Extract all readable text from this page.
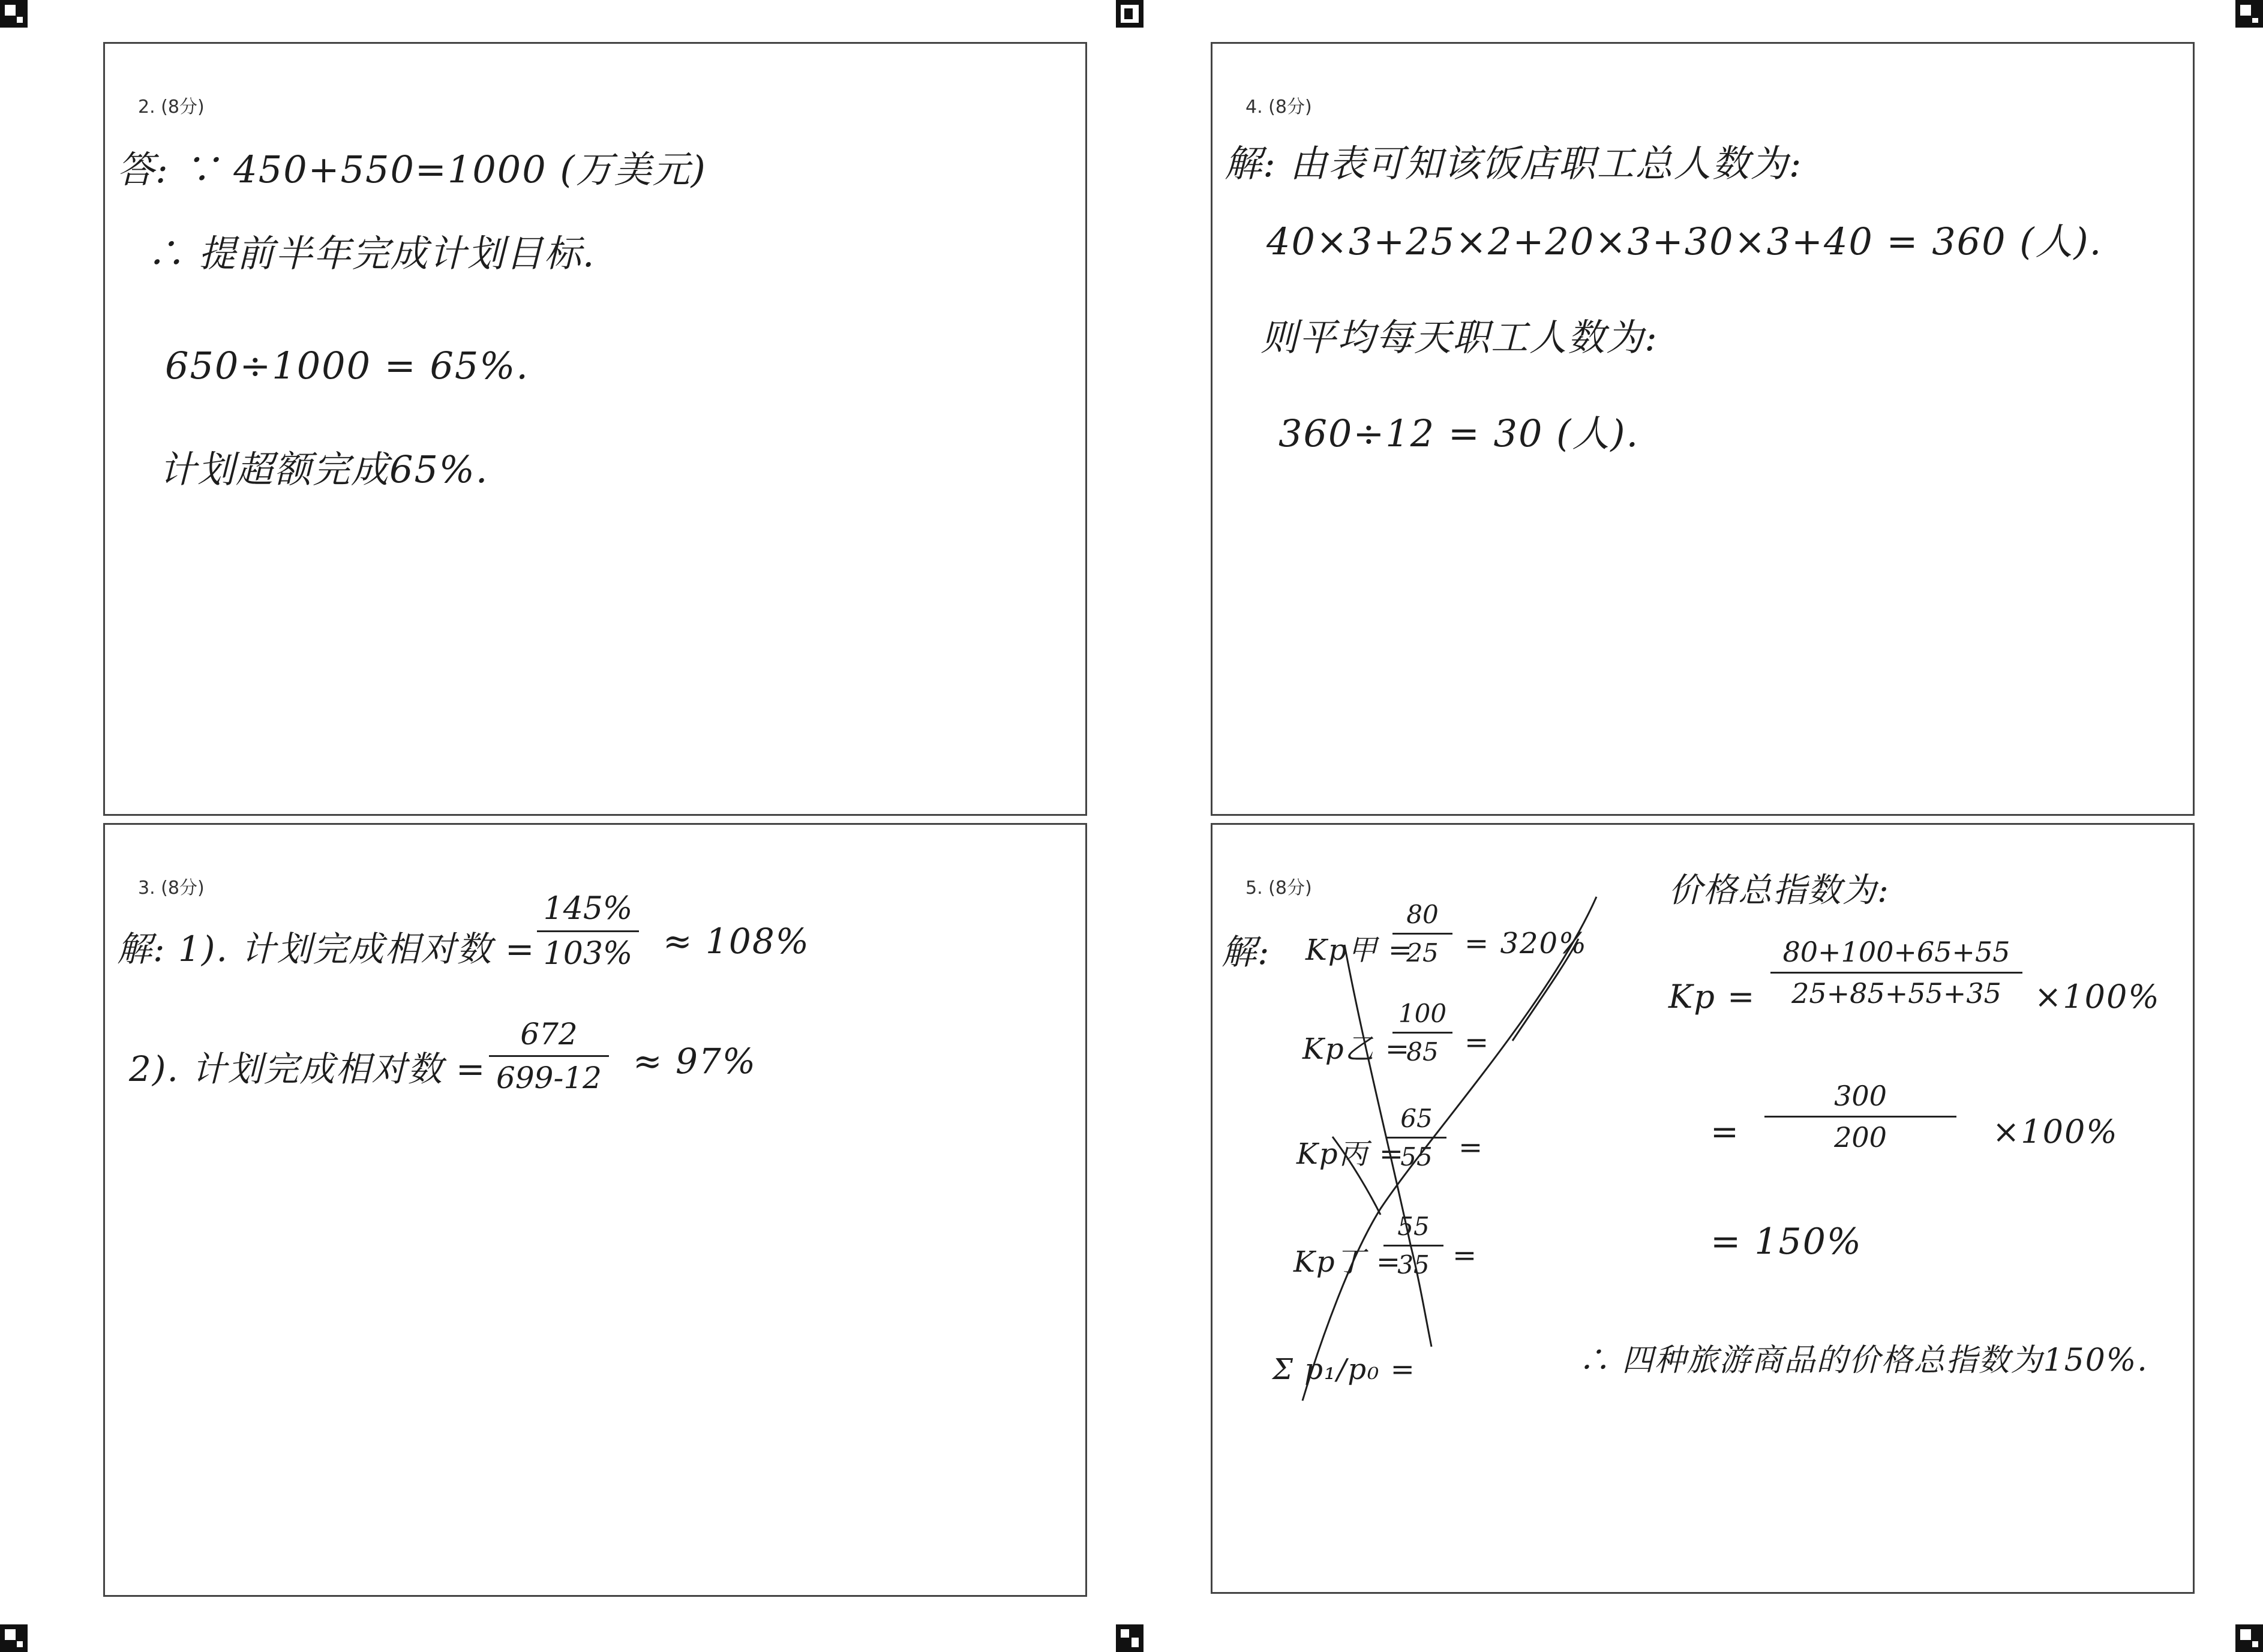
2. (8分)
答: ∵ 450+550=1000 (万美元)
∴ 提前半年完成计划目标.
650÷1000 = 65%.
计划超额完成65%.
4. (8分)
解: 由表可知该饭店职工总人数为:
40×3+25×2+20×3+30×3+40 = 360 (人).
则平均每天职工人数为:
360÷12 = 30 (人).
3. (8分)
解: 1). 计划完成相对数 =
145%
103% ≈ 108%
2). 计划完成相对数 =
672
699-12 ≈ 97%
5. (8分)
解: Kp甲 =
80
25 = 320%
Kp乙 =
100
85 =
Kp丙 =
65
55 =
Kp丁 =
55
35 =
Σ p₁/p₀ =
价格总指数为:
Kp =
80+100+65+55
25+85+55+35	×100%
=
300
200	×100%
= 150%
∴ 四种旅游商品的价格总指数为150%.
